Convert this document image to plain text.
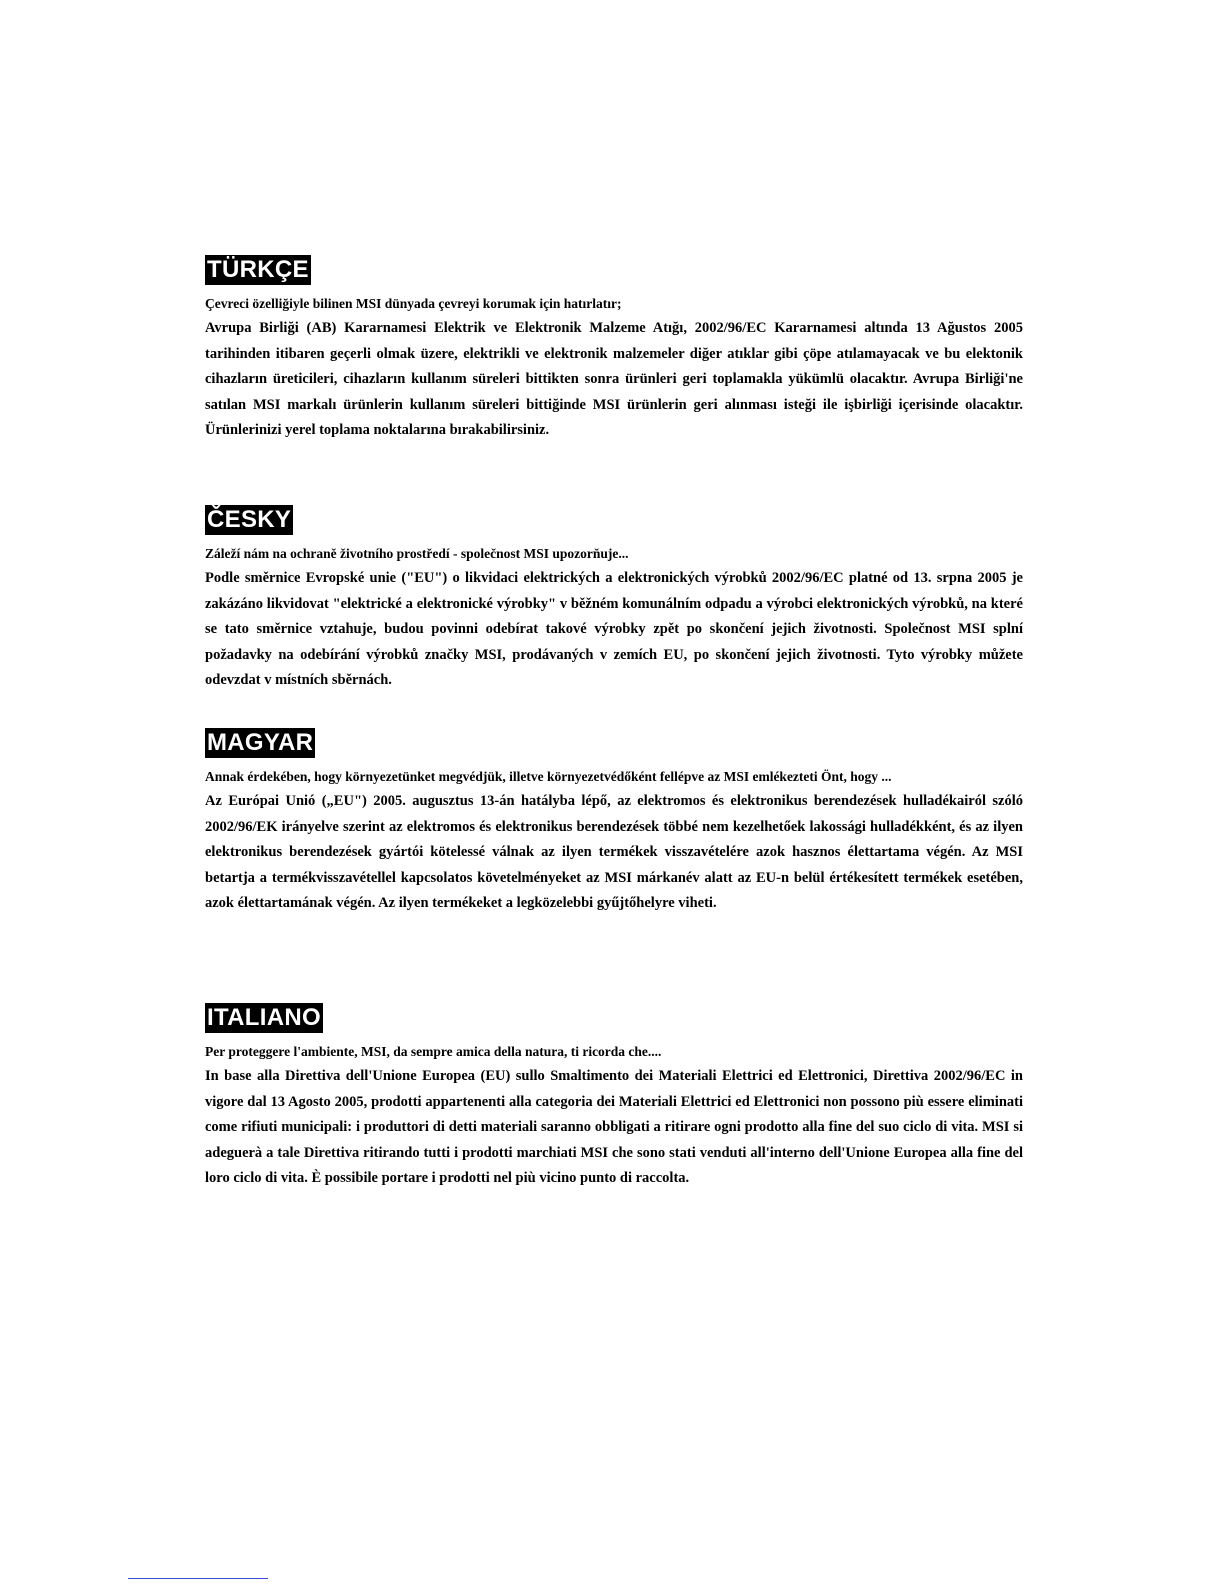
TÜRKÇE
Çevreci özelliğiyle bilinen MSI dünyada çevreyi korumak için hatırlatır;
Avrupa Birliği (AB) Kararnamesi Elektrik ve Elektronik Malzeme Atığı, 2002/96/EC Kararnamesi altında 13 Ağustos 2005 tarihinden itibaren geçerli olmak üzere, elektrikli ve elektronik malzemeler diğer atıklar gibi çöpe atılamayacak ve bu elektonik cihazların üreticileri, cihazların kullanım süreleri bittikten sonra ürünleri geri toplamakla yükümlü olacaktır. Avrupa Birliği'ne satılan MSI markalı ürünlerin kullanım süreleri bittiğinde MSI ürünlerin geri alınması isteği ile işbirliği içerisinde olacaktır. Ürünlerinizi yerel toplama noktalarına bırakabilirsiniz.
ČESKY
Záleží nám na ochraně životního prostředí - společnost MSI upozorňuje...
Podle směrnice Evropské unie ("EU") o likvidaci elektrických a elektronických výrobků 2002/96/EC platné od 13. srpna 2005 je zakázáno likvidovat "elektrické a elektronické výrobky" v běžném komunálním odpadu a výrobci elektronických výrobků, na které se tato směrnice vztahuje, budou povinni odebírat takové výrobky zpět po skončení jejich životnosti. Společnost MSI splní požadavky na odebírání výrobků značky MSI, prodávaných v zemích EU, po skončení jejich životnosti. Tyto výrobky můžete odevzdat v místních sběrnách.
MAGYAR
Annak érdekében, hogy környezetünket megvédjük, illetve környezetvédőként fellépve az MSI emlékezteti Önt, hogy ...
Az Európai Unió („EU") 2005. augusztus 13-án hatályba lépő, az elektromos és elektronikus berendezések hulladékairól szóló 2002/96/EK irányelve szerint az elektromos és elektronikus berendezések többé nem kezelhetőek lakossági hulladékként, és az ilyen elektronikus berendezések gyártói kötelessé válnak az ilyen termékek visszavételére azok hasznos élettartama végén. Az MSI betartja a termékvisszavétellel kapcsolatos követelményeket az MSI márkanév alatt az EU-n belül értékesített termékek esetében, azok élettartamának végén. Az ilyen termékeket a legközelebbi gyűjtőhelyre viheti.
ITALIANO
Per proteggere l'ambiente, MSI, da sempre amica della natura, ti ricorda che....
In base alla Direttiva dell'Unione Europea (EU) sullo Smaltimento dei Materiali Elettrici ed Elettronici, Direttiva 2002/96/EC in vigore dal 13 Agosto 2005, prodotti appartenenti alla categoria dei Materiali Elettrici ed Elettronici non possono più essere eliminati come rifiuti municipali: i produttori di detti materiali saranno obbligati a ritirare ogni prodotto alla fine del suo ciclo di vita. MSI si adeguerà a tale Direttiva ritirando tutti i prodotti marchiati MSI che sono stati venduti all'interno dell'Unione Europea alla fine del loro ciclo di vita. È possibile portare i prodotti nel più vicino punto di raccolta.
